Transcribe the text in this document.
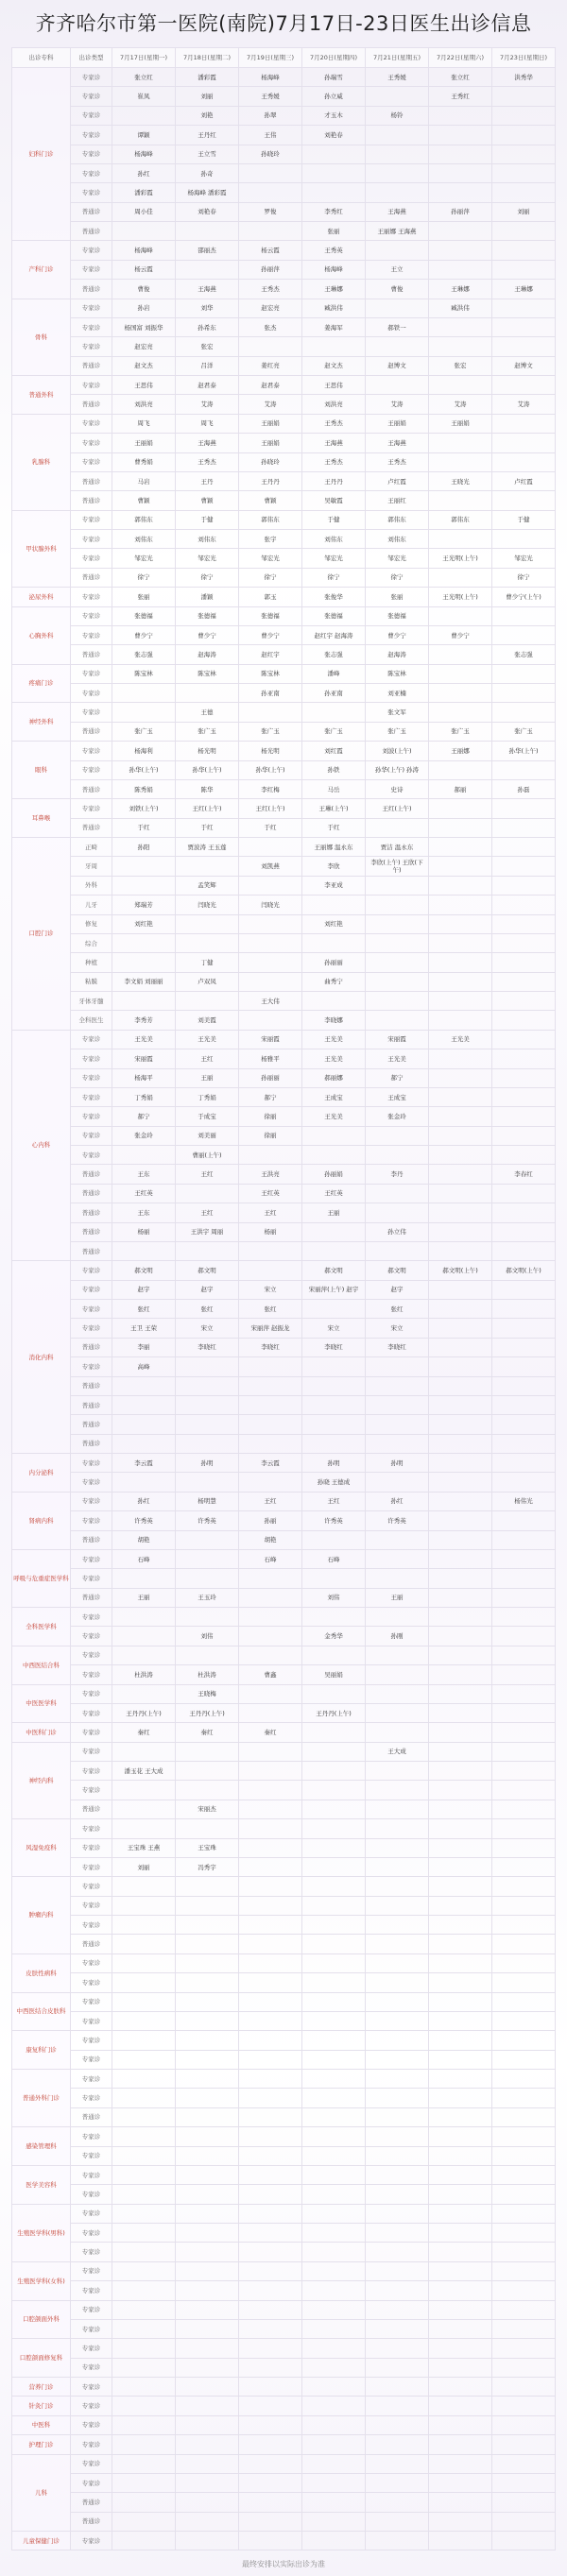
齐齐哈尔市第一医院(南院)7月17日-23日医生出诊信息
出诊专科	出诊类型	7月17日(星期一)	7月18日(星期二)	7月19日(星期三)	7月20日(星期四)	7月21日(星期五)	7月22日(星期六)	7月23日(星期日)
妇科门诊	专家诊	张立红	潘彩霞	杨海峰	孙瑞雪	王秀媛	张立红	洪秀华

	专家诊	崔凤	刘丽	王秀媛	孙立威		王秀红	

	专家诊		刘艳	孙翠	才玉木	杨铃		

	专家诊	谭颖	王丹红	王伟	刘艳春			

	专家诊	杨海峰	王立雪	孙晓玲				

	专家诊	孙红	孙奇					

	专家诊	潘彩霞	杨海峰 潘彩霞					

	普通诊	周小佳	刘艳春	罗俊	李秀红	王海燕	孙丽萍	刘丽

	普通诊				张丽	王丽娜 王海燕		

产科门诊	专家诊	杨海峰	邵丽杰	杨云霞	王秀英			

	专家诊	杨云霞		孙丽萍	杨海峰	王立		

	普通诊	曹俊	王海燕	王秀杰	王琳娜	曹俊	王琳娜	王琳娜

骨科	专家诊	孙岩	刘华	赵宏亮	臧洪伟		臧洪伟	

	专家诊	杨国富 刘振华	孙希东	张杰	姜海军	郝铁一		

	专家诊	赵宏亮	张宏					

	普通诊	赵文杰	吕洋	姜红亮	赵文杰	赵博文	张宏	赵博文

普通外科	专家诊	王思伟	赵君泰	赵君泰	王思伟			

	普通诊	刘洪亮	艾涛	艾涛	刘洪亮	艾涛	艾涛	艾涛

乳腺科	专家诊	周飞	周飞	王丽娟	王秀杰	王丽娟	王丽娟	

	专家诊	王丽娟	王海燕	王丽娟	王海燕	王海燕		

	专家诊	曹秀娟	王秀杰	孙晓玲	王秀杰	王秀杰		

	普通诊	马岩	王丹	王丹丹	王丹丹	卢红霞	王晓光	卢红霞

	普通诊	曹颖	曹颖	曹颖	吴敏霞	王丽红		

甲状腺外科	专家诊	郭伟东	于健	郭伟东	于健	郭伟东	郭伟东	于健

	专家诊	刘伟东	刘伟东	张宇	刘伟东	刘伟东		

	专家诊	邹宏光	邹宏光	邹宏光	邹宏光	邹宏光	王光明(上午)	邹宏光

	普通诊	徐宁	徐宁	徐宁	徐宁	徐宁		徐宁

泌尿外科	专家诊	张丽	潘颖	郭玉	张俊华	张丽	王光明(上午)	曹少宁(上午)

心胸外科	专家诊	张德福	张德福	张德福	张德福	张德福		

	专家诊	曹少宁	曹少宁	曹少宁	赵红宇 赵海涛	曹少宁	曹少宁	

	普通诊	张志强	赵海涛	赵红宇	张志强	赵海涛		张志强

疼痛门诊	专家诊	陈宝林	陈宝林	陈宝林	潘峰	陈宝林		

	专家诊			孙亚南	孙亚南	刘亚楠		

神经外科	专家诊		王德			张文军		

	普通诊	张广玉	张广玉	张广玉	张广玉	张广玉	张广玉	张广玉

眼科	专家诊	杨海利	杨光明	杨光明	刘红霞	刘波(上午)	王丽娜	孙华(上午)

	专家诊	孙华(上午)	孙华(上午)	孙华(上午)	孙铁	孙华(上午) 孙涛		

	普通诊	陈秀娟	陈华	李红梅	马岳	史诗	郝丽	孙磊

耳鼻喉	专家诊	刘铁(上午)	王红(上午)	王红(上午)	王琳(上午)	王红(上午)		

	普通诊	于红	于红	于红	于红			

口腔门诊	正畸	孙阳	贾波涛 王玉莲		王丽娜 温永东	贾洁 温永东		

	牙周			刘凯燕	李欣	李欣(上午) 王欣(下午)		

	外科		孟笑辉		李亚成			

	儿牙	郑瑞芳	闫晓光	闫晓光				

	修复	刘红艳			刘红艳			

	综合	

	种植		丁健		孙丽丽			

	粘膜	李文娟 刘丽丽	卢双凤		曲秀宁			

	牙体牙髓			王大伟				

	全科医生	李秀芳	刘美霞		李晓娜			

心内科	专家诊	王光美	王光美	宋丽霞	王光美	宋丽霞	王光美	

	专家诊	宋丽霞	王红	杨雅平	王光美	王光美		

	专家诊	杨海平	王丽	孙丽丽	郝丽娜	郝宁		

	专家诊	丁秀娟	丁秀娟	郝宁	王成宝	王成宝		

	专家诊	郝宁	于成宝	徐丽	王光美	张金玲		

	专家诊	张金玲	刘美丽	徐丽				

	专家诊		曹丽(上午)					

	普通诊	王东	王红	王洪亮	孙丽娟	李丹		李春红

	普通诊	王红英		王红英	王红英			

	普通诊	王东	王红	王红	王丽			

	普通诊	杨丽	王洪宇 周丽	杨丽		孙立伟		

	普通诊	

消化内科	专家诊	郝文明	郝文明		郝文明	郝文明	郝文明(上午)	郝文明(上午)

	专家诊	赵宇	赵宇	宋立	宋丽萍(上午) 赵宇	赵宇		

	专家诊	张红	张红	张红		张红		

	专家诊	王卫 王荣	宋立	宋丽萍 赵振龙	宋立	宋立		

	普通诊	李丽	李晓红	李晓红	李晓红	李晓红		

	专家诊	高峰						

	普通诊	

	普通诊	

	普通诊	

	普通诊	

内分泌科	专家诊	李云霞	孙明	李云霞	孙明	孙明		

	专家诊				孙晓 王德成			

肾病内科	专家诊	孙红	杨明慧	王红	王红	孙红		杨伟光

	专家诊	许秀英	许秀英	孙丽	许秀英	许秀英		

	普通诊	胡艳		胡艳				

呼吸与危重症医学科	专家诊	石峰		石峰	石峰			

	专家诊	

	普通诊	王丽	王玉玲		刘伟	王丽		

全科医学科	专家诊	

	专家诊		刘伟		金秀华	孙刚		

中西医结合科	专家诊	

	专家诊	杜洪涛	杜洪涛	曹鑫	吴丽娟			

中医医学科	专家诊		王晓梅					

	专家诊	王丹丹(上午)	王丹丹(上午)		王丹丹(上午)			

中医科门诊	专家诊	秦红	秦红	秦红				

神经内科	专家诊					王大成		

	专家诊	潘玉花 王大成						

	专家诊	

	普通诊		宋丽杰					

风湿免疫科	专家诊	

	专家诊	王宝珠 王燕	王宝珠					

	专家诊	刘丽	冯秀宇					

肿瘤内科	专家诊	

	专家诊	

	专家诊	

	普通诊	

皮肤性病科	专家诊	

	专家诊	

中西医结合皮肤科	专家诊	

	专家诊	

康复科门诊	专家诊	

	专家诊	

普通外科门诊	专家诊	

	专家诊	

	普通诊	

感染管理科	专家诊	

	专家诊	

医学美容科	专家诊	

	专家诊	

生殖医学科(男科)	专家诊	

	专家诊	

	专家诊	

生殖医学科(女科)	专家诊	

	专家诊	

口腔颌面外科	专家诊	

	专家诊	

口腔颌面修复科	专家诊	

	专家诊	

营养门诊	专家诊	

针灸门诊	专家诊	

中医科	专家诊	

护理门诊	专家诊	

儿科	专家诊	

	专家诊	

	普通诊	

	普通诊	

儿童保健门诊	专家诊	

最终安排以实际出诊为准
